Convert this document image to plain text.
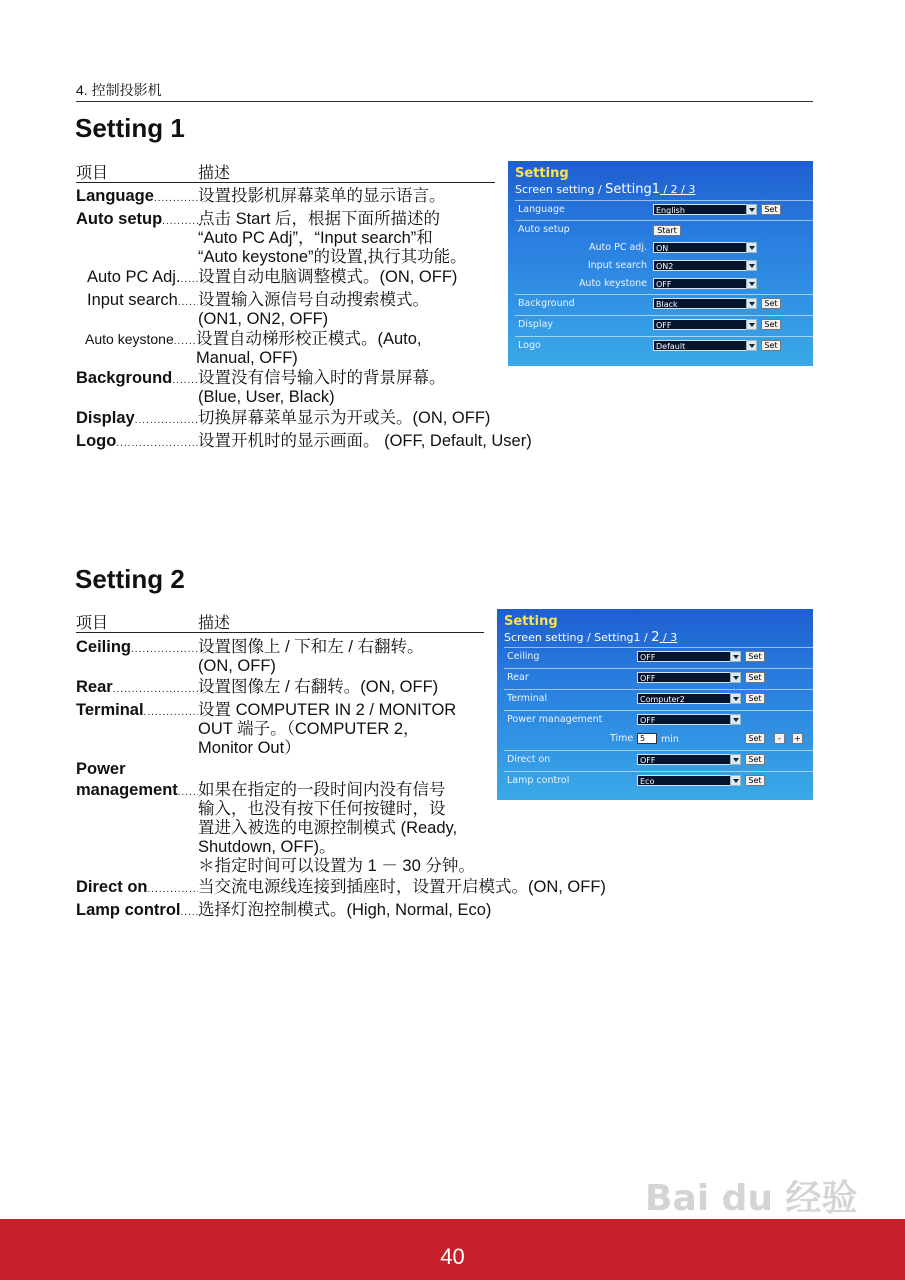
4. 控制投影机
Setting 1
项目	描述
Language .....	设置投影机屏幕菜单的显示语言。
Auto setup ..... 点击 Start 后，根据下面所描述的
“Auto PC Adj”，“Input search”和
“Auto keystone”的设置,执行其功能。
Auto PC Adj. ..... 设置自动电脑调整模式。(ON, OFF)
Input search ..... 设置输入源信号自动搜索模式。
(ON1, ON2, OFF)
Auto keystone ..... 设置自动梯形校正模式。(Auto,
Manual, OFF)
Background ..... 设置没有信号输入时的背景屏幕。
(Blue, User, Black)
Display .....	切换屏幕菜单显示为开或关。(ON, OFF)
Logo .....	设置开机时的显示画面。 (OFF, Default, User)
Setting
Screen setting / Setting1 / 2 / 3
Language	English	Set
Auto setup	Start
Auto PC adj.	ON
Input search	ON2
Auto keystone	OFF
Background	Black	Set
Display	OFF	Set
Logo	Default	Set
Setting 2
项目	描述
Ceiling .....	设置图像上 / 下和左 / 右翻转。
(ON, OFF)
Rear .....	设置图像左 / 右翻转。(ON, OFF)
Terminal .....	设置 COMPUTER IN 2 / MONITOR
OUT 端子。（COMPUTER 2，
Monitor Out）
Power
management ..... 如果在指定的一段时间内没有信号
输入，也没有按下任何按键时，设
置进入被选的电源控制模式 (Ready,
Shutdown, OFF)。
＊指定时间可以设置为 1 － 30 分钟。
Direct on .....	当交流电源线连接到插座时，设置开启模式。(ON, OFF)
Lamp control ..... 选择灯泡控制模式。(High, Normal, Eco)
Setting
Screen setting / Setting1 / 2 / 3
Ceiling	OFF	Set
Rear	OFF	Set
Terminal	Computer2	Set
Power management	OFF
Time 5	min	Set	-	+
Direct on	OFF	Set
Lamp control	Eco	Set
Bai du 经验
40
